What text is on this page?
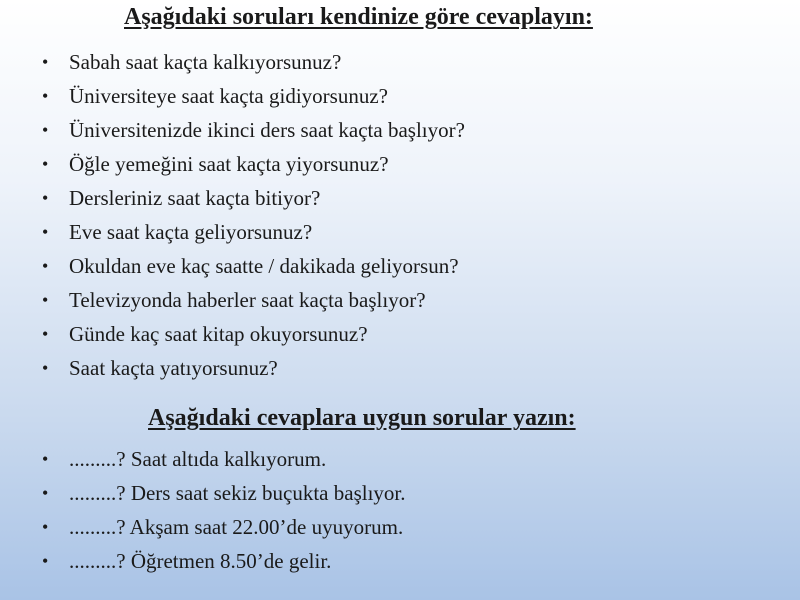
Aşağıdaki soruları kendinize göre cevaplayın:
• Sabah saat kaçta kalkıyorsunuz?
• Üniversiteye saat kaçta gidiyorsunuz?
• Üniversitenizde ikinci ders saat kaçta başlıyor?
• Öğle yemeğini saat kaçta yiyorsunuz?
• Dersleriniz saat kaçta bitiyor?
• Eve saat kaçta geliyorsunuz?
• Okuldan eve kaç saatte / dakikada geliyorsun?
• Televizyonda haberler saat kaçta başlıyor?
• Günde kaç saat kitap okuyorsunuz?
• Saat kaçta yatıyorsunuz?
Aşağıdaki cevaplara uygun sorular yazın:
• .........? Saat altıda kalkıyorum.
• .........? Ders saat sekiz buçukta başlıyor.
• .........? Akşam saat 22.00’de uyuyorum.
• .........? Öğretmen 8.50’de gelir.
